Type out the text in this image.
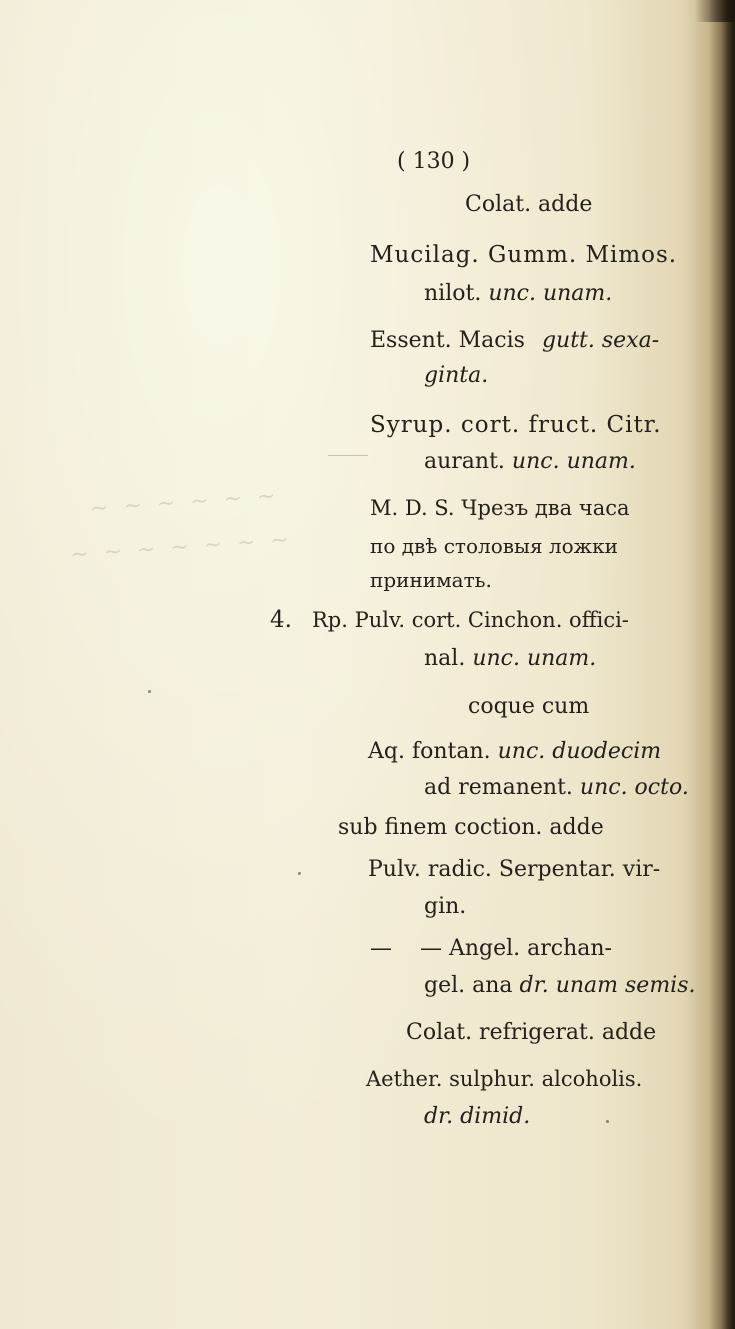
~ ~ ~ ~ ~ ~
~ ~ ~ ~ ~ ~ ~
( 130 )
Colat. adde
Mucilag. Gumm. Mimos.
nilot. unc. unam.
Essent. Macis gutt. sexa-
ginta.
Syrup. cort. fruct. Citr.
aurant. unc. unam.
M. D. S. Чрезъ два часа
по двѣ столовыя ложки
принимать.
4. Rp. Pulv. cort. Cinchon. offici-
nal. unc. unam.
coque cum
Aq. fontan. unc. duodecim
ad remanent. unc. octo.
sub finem coction. adde
Pulv. radic. Serpentar. vir-
gin.
—    — Angel. archan-
gel. ana dr. unam semis.
Colat. refrigerat. adde
Aether. sulphur. alcoholis.
dr. dimid.
